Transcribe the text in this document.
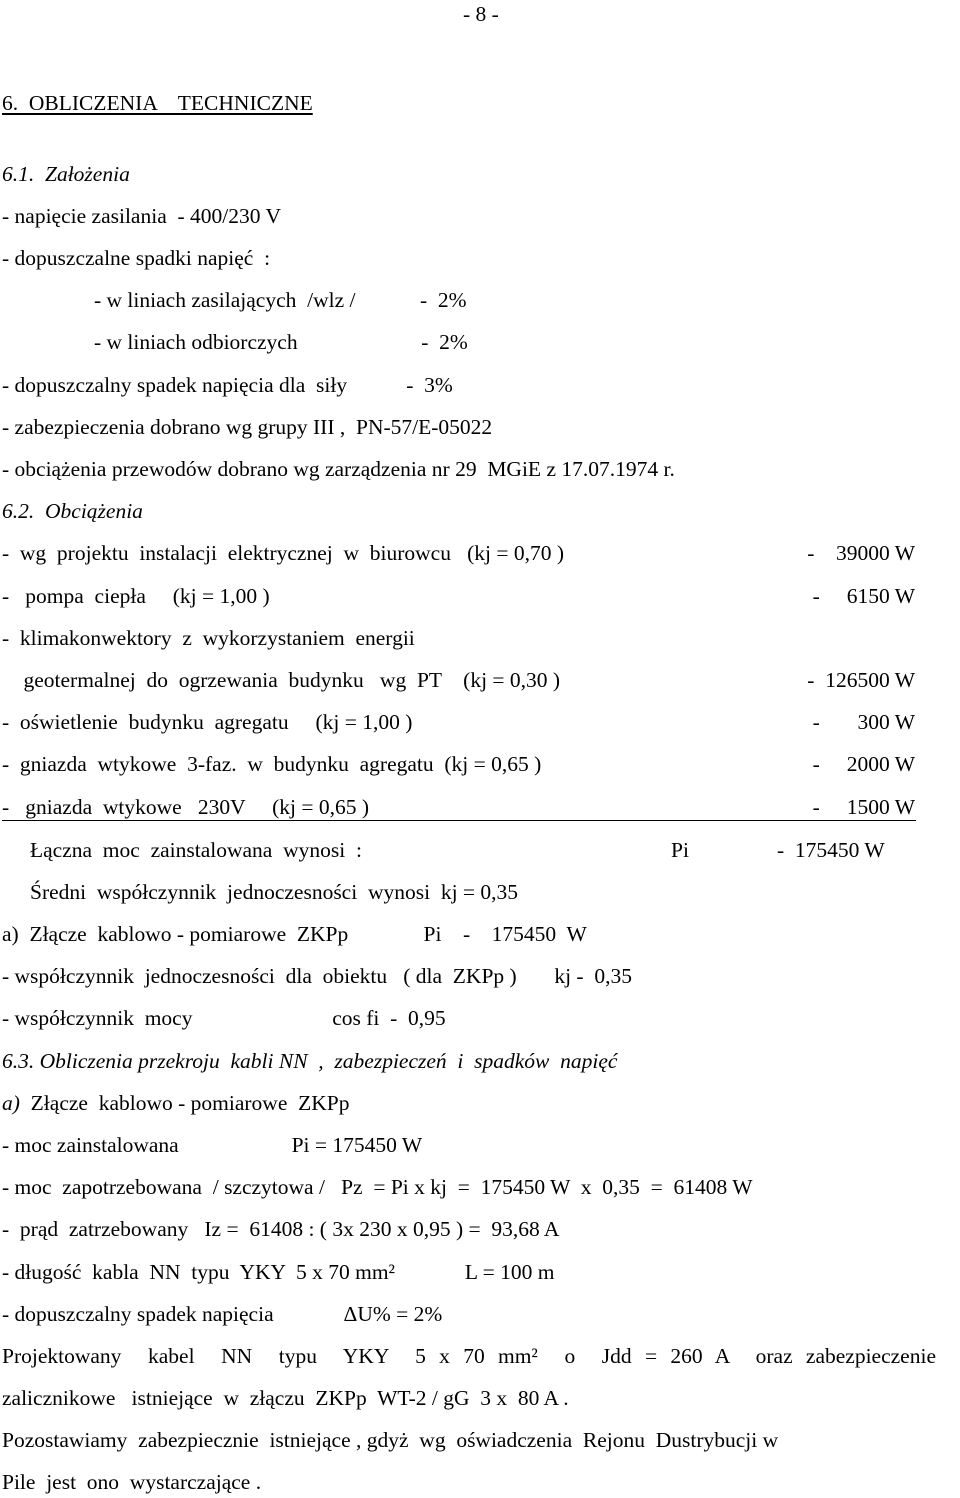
- 8 -
6.  OBLICZENIA    TECHNICZNE
6.1.  Założenia
- napięcie zasilania  - 400/230 V
- dopuszczalne spadki napięć  :
- w liniach zasilających  /wlz /            -  2%
- w liniach odbiorczych                       -  2%
- dopuszczalny spadek napięcia dla  siły           -  3%
- zabezpieczenia dobrano wg grupy III ,  PN-57/E-05022
- obciążenia przewodów dobrano wg zarządzenia nr 29  MGiE z 17.07.1974 r.
6.2.  Obciążenia
-  wg  projektu  instalacji  elektrycznej  w  biurowcu   (kj = 0,70 )	-    39000 W
-   pompa  ciepła     (kj = 1,00 )	-     6150 W
-  klimakonwektory  z  wykorzystaniem  energii
geotermalnej  do  ogrzewania  budynku   wg  PT    (kj = 0,30 )	-  126500 W
-  oświetlenie  budynku  agregatu     (kj = 1,00 )	-       300 W
-  gniazda  wtykowe  3-faz.  w  budynku  agregatu  (kj = 0,65 )	-     2000 W
-   gniazda  wtykowe   230V     (kj = 0,65 )	-     1500 W
Łączna  moc  zainstalowana  wynosi  :	Pi	-  175450 W
Średni  współczynnik  jednoczesności  wynosi  kj = 0,35
a)  Złącze  kablowo - pomiarowe  ZKPp              Pi    -    175450  W
- współczynnik  jednoczesności  dla  obiektu   ( dla  ZKPp )       kj -  0,35
- współczynnik  mocy                          cos fi  -  0,95
6.3. Obliczenia przekroju  kabli NN  ,  zabezpieczeń  i  spadków  napięć
a)  Złącze  kablowo - pomiarowe  ZKPp
- moc zainstalowana                     Pi = 175450 W
- moc  zapotrzebowana  / szczytowa /   Pz  = Pi x kj  =  175450 W  x  0,35  =  61408 W
-  prąd  zatrzebowany   Iz =  61408 : ( 3x 230 x 0,95 ) =  93,68 A
- długość  kabla  NN  typu  YKY  5 x 70 mm²             L = 100 m
- dopuszczalny spadek napięcia             ΔU% = 2%
Projektowany  kabel  NN  typu  YKY  5 x 70 mm²  o  Jdd = 260 A  oraz zabezpieczenie
zalicznikowe   istniejące  w  złączu  ZKPp  WT-2 / gG  3 x  80 A .
Pozostawiamy  zabezpiecznie  istniejące , gdyż  wg  oświadczenia  Rejonu  Dustrybucji w
Pile  jest  ono  wystarczające .
